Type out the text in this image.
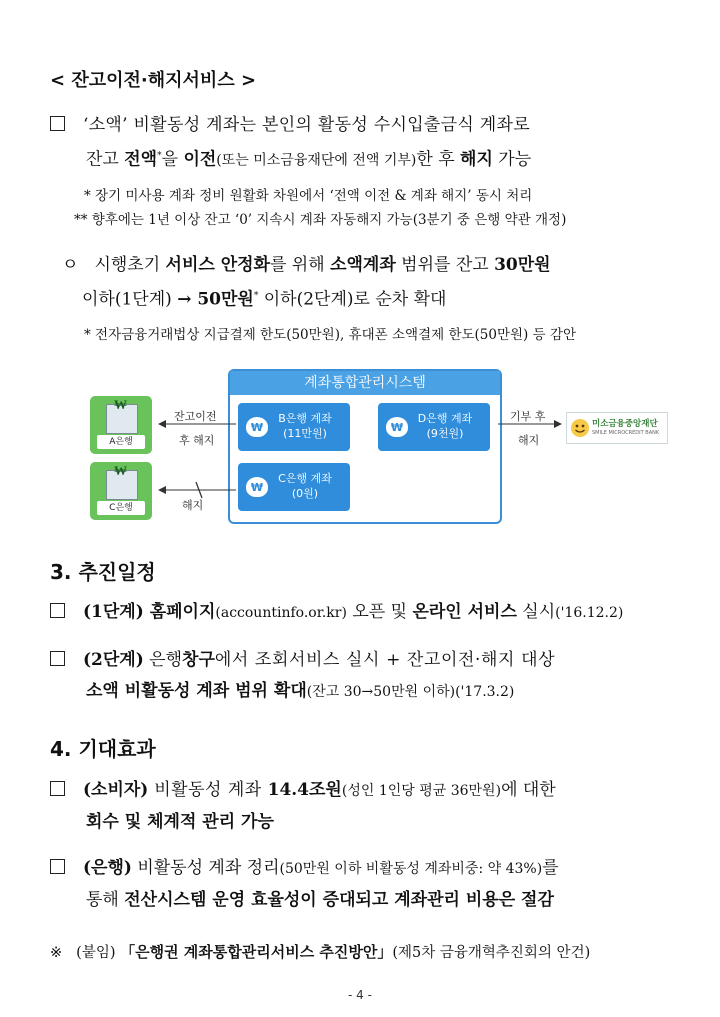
< 잔고이전·해지서비스 >
‘소액’ 비활동성 계좌는 본인의 활동성 수시입출금식 계좌로
잔고 전액*을 이전(또는 미소금융재단에 전액 기부)한 후 해지 가능
* 장기 미사용 계좌 정비 원활화 차원에서 ‘전액 이전 & 계좌 해지’ 동시 처리
** 향후에는 1년 이상 잔고 ‘0’ 지속시 계좌 자동해지 가능(3분기 중 은행 약관 개정)
ㅇ 시행초기 서비스 안정화를 위해 소액계좌 범위를 잔고 30만원
이하(1단계) → 50만원* 이하(2단계)로 순차 확대
* 전자금융거래법상 지급결제 한도(50만원), 휴대폰 소액결제 한도(50만원) 등 감안
계좌통합관리시스템
₩
B은행 계좌
(11만원)	₩
D은행 계좌
(9천원)
₩
C은행 계좌
(0원)
₩
A은행
₩
C은행
잔고이전
후 해지
해지
기부 후
해지
미소금융중앙재단
SMILE MICROCREDIT BANK
3. 추진일정
(1단계) 홈페이지(accountinfo.or.kr) 오픈 및 온라인 서비스 실시('16.12.2)
(2단계) 은행창구에서 조회서비스 실시 + 잔고이전·해지 대상
소액 비활동성 계좌 범위 확대(잔고 30→50만원 이하)('17.3.2)
4. 기대효과
(소비자) 비활동성 계좌 14.4조원(성인 1인당 평균 36만원)에 대한
회수 및 체계적 관리 가능
(은행) 비활동성 계좌 정리(50만원 이하 비활동성 계좌비중: 약 43%)를
통해 전산시스템 운영 효율성이 증대되고 계좌관리 비용은 절감
※ (붙임) 「은행권 계좌통합관리서비스 추진방안」(제5차 금융개혁추진회의 안건)
- 4 -
